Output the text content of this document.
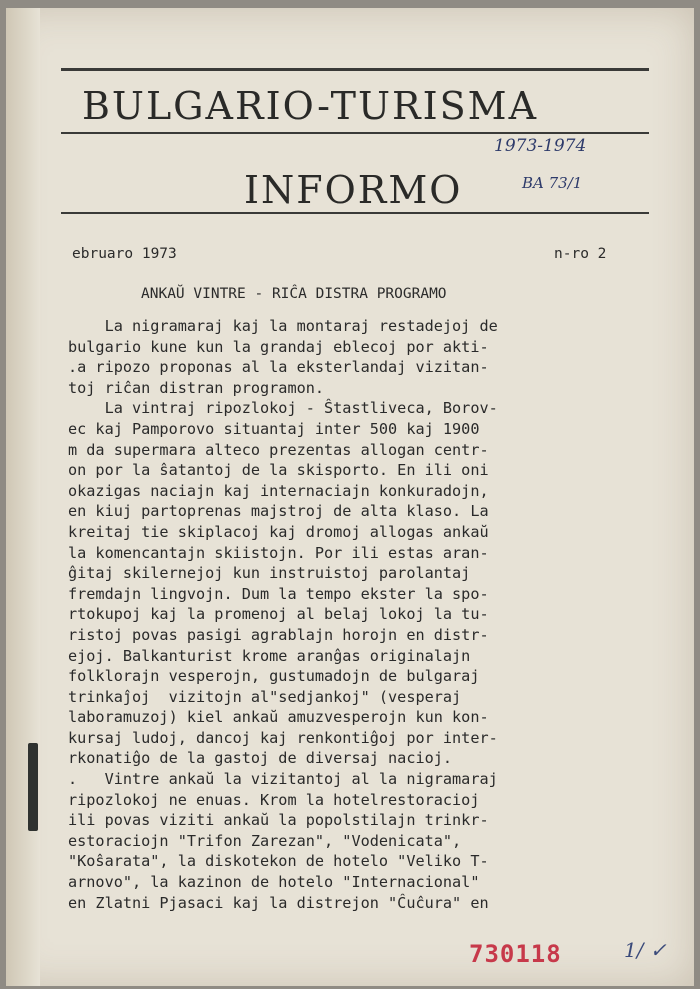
BULGARIO-TURISMA
INFORMO
1973-1974
BA 73/1
ebruaro 1973	n-ro 2
ANKAŬ VINTRE - RIĈA DISTRA PROGRAMO
La nigramaraj kaj la montaraj restadejoj de
bulgario kune kun la grandaj eblecoj por akti-
.a ripozo proponas al la eksterlandaj vizitan-
toj riĉan distran programon.
La vintraj ripozlokoj - Ŝtastliveca, Borov-
ec kaj Pamporovo situantaj inter 500 kaj 1900
m da supermara alteco prezentas allogan centr-
on por la ŝatantoj de la skisporto. En ili oni
okazigas naciajn kaj internaciajn konkuradojn,
en kiuj partoprenas majstroj de alta klaso. La
kreitaj tie skiplacoj kaj dromoj allogas ankaŭ
la komencantajn skiistojn. Por ili estas aran-
ĝitaj skilernejoj kun instruistoj parolantaj
fremdajn lingvojn. Dum la tempo ekster la spo-
rtokupoj kaj la promenoj al belaj lokoj la tu-
ristoj povas pasigi agrablajn horojn en distr-
ejoj. Balkanturist krome aranĝas originalajn
folklorajn vesperojn, gustumadojn de bulgaraj
trinkaĵoj  vizitojn al"sedjankoj" (vesperaj
laboramuzoj) kiel ankaŭ amuzvesperojn kun kon-
kursaj ludoj, dancoj kaj renkontiĝoj por inter-
rkonatiĝo de la gastoj de diversaj nacioj.
.   Vintre ankaŭ la vizitantoj al la nigramaraj
ripozlokoj ne enuas. Krom la hotelrestoracioj
ili povas viziti ankaŭ la popolstilajn trinkr-
estoraciojn "Trifon Zarezan", "Vodenicata",
"Koŝarata", la diskotekon de hotelo "Veliko T-
arnovo", la kazinon de hotelo "Internacional"
en Zlatni Pjasaci kaj la distrejon "Ĉuĉura" en
730118	1/ ✓
